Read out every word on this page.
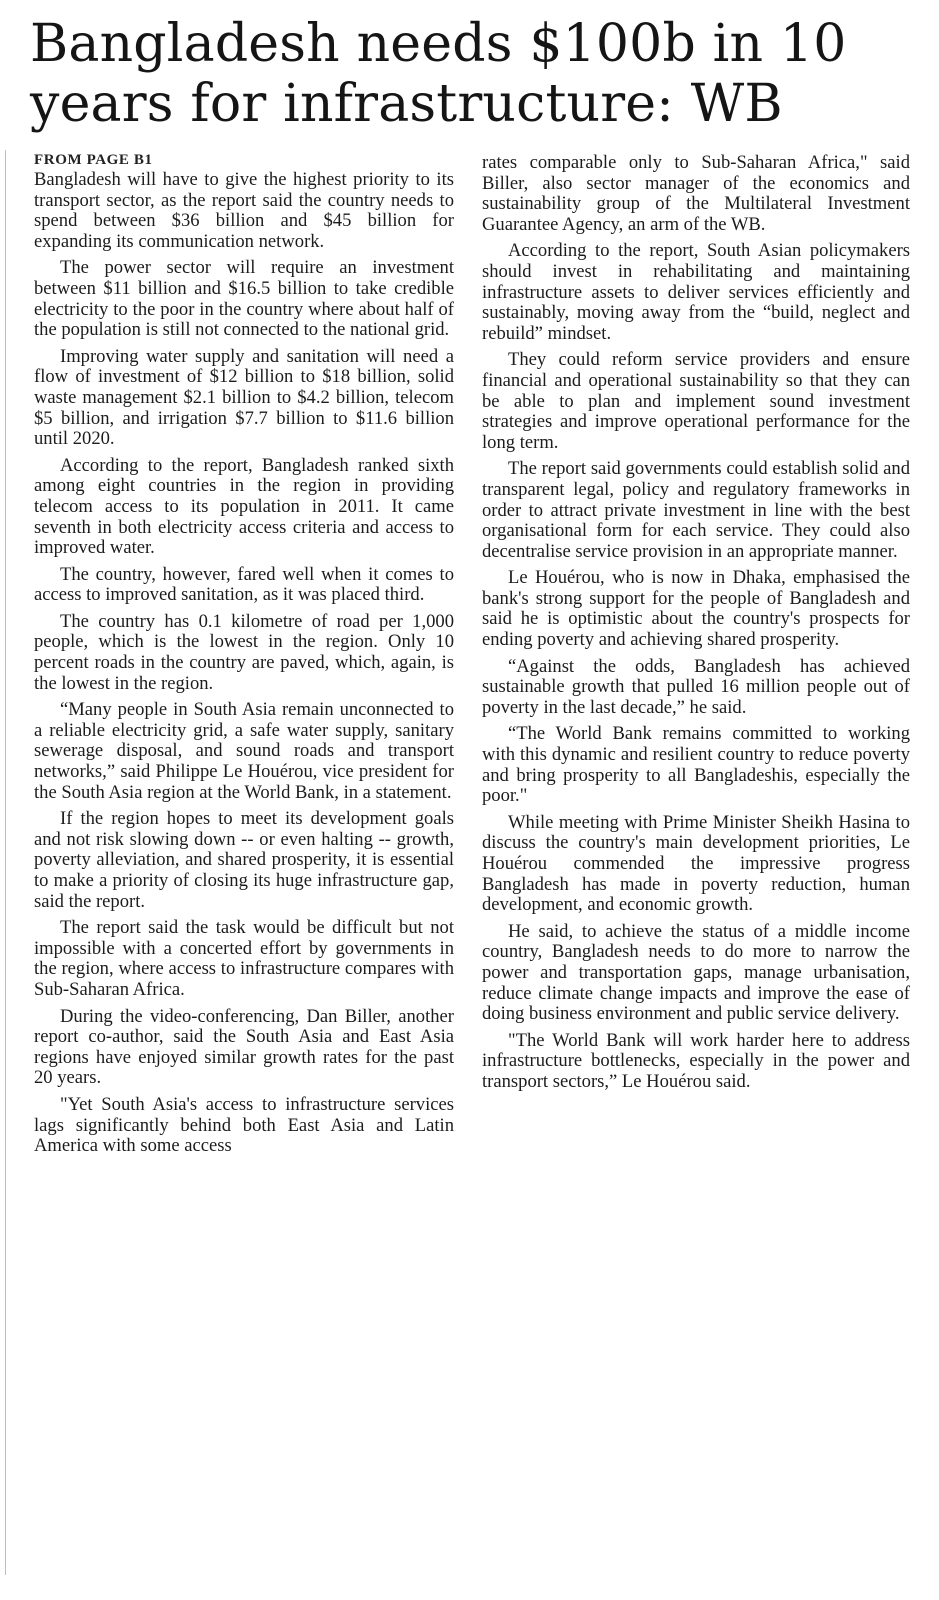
Bangladesh needs $100b in 10 years for infrastructure: WB
FROM PAGE B1

Bangladesh will have to give the highest priority to its transport sector, as the report said the country needs to spend between $36 billion and $45 billion for expanding its communication network.

The power sector will require an investment between $11 billion and $16.5 billion to take credible electricity to the poor in the country where about half of the population is still not connected to the national grid.

Improving water supply and sanitation will need a flow of investment of $12 billion to $18 billion, solid waste management $2.1 billion to $4.2 billion, telecom $5 billion, and irrigation $7.7 billion to $11.6 billion until 2020.

According to the report, Bangladesh ranked sixth among eight countries in the region in providing telecom access to its population in 2011. It came seventh in both electricity access criteria and access to improved water.

The country, however, fared well when it comes to access to improved sanitation, as it was placed third.

The country has 0.1 kilometre of road per 1,000 people, which is the lowest in the region. Only 10 percent roads in the country are paved, which, again, is the lowest in the region.

“Many people in South Asia remain unconnected to a reliable electricity grid, a safe water supply, sanitary sewerage disposal, and sound roads and transport networks,” said Philippe Le Houérou, vice president for the South Asia region at the World Bank, in a statement.

If the region hopes to meet its development goals and not risk slowing down -- or even halting -- growth, poverty alleviation, and shared prosperity, it is essential to make a priority of closing its huge infrastructure gap, said the report.

The report said the task would be difficult but not impossible with a concerted effort by governments in the region, where access to infrastructure compares with Sub-Saharan Africa.

During the video-conferencing, Dan Biller, another report co-author, said the South Asia and East Asia regions have enjoyed similar growth rates for the past 20 years.

"Yet South Asia's access to infrastructure services lags significantly behind both East Asia and Latin America with some access

rates comparable only to Sub-Saharan Africa," said Biller, also sector manager of the economics and sustainability group of the Multilateral Investment Guarantee Agency, an arm of the WB.

According to the report, South Asian policymakers should invest in rehabilitating and maintaining infrastructure assets to deliver services efficiently and sustainably, moving away from the “build, neglect and rebuild” mindset.

They could reform service providers and ensure financial and operational sustainability so that they can be able to plan and implement sound investment strategies and improve operational performance for the long term.

The report said governments could establish solid and transparent legal, policy and regulatory frameworks in order to attract private investment in line with the best organisational form for each service. They could also decentralise service provision in an appropriate manner.

Le Houérou, who is now in Dhaka, emphasised the bank's strong support for the people of Bangladesh and said he is optimistic about the country's prospects for ending poverty and achieving shared prosperity.

“Against the odds, Bangladesh has achieved sustainable growth that pulled 16 million people out of poverty in the last decade,” he said.

“The World Bank remains committed to working with this dynamic and resilient country to reduce poverty and bring prosperity to all Bangladeshis, especially the poor."

While meeting with Prime Minister Sheikh Hasina to discuss the country's main development priorities, Le Houérou commended the impressive progress Bangladesh has made in poverty reduction, human development, and economic growth.

He said, to achieve the status of a middle income country, Bangladesh needs to do more to narrow the power and transportation gaps, manage urbanisation, reduce climate change impacts and improve the ease of doing business environment and public service delivery.

"The World Bank will work harder here to address infrastructure bottlenecks, especially in the power and transport sectors,” Le Houérou said.
